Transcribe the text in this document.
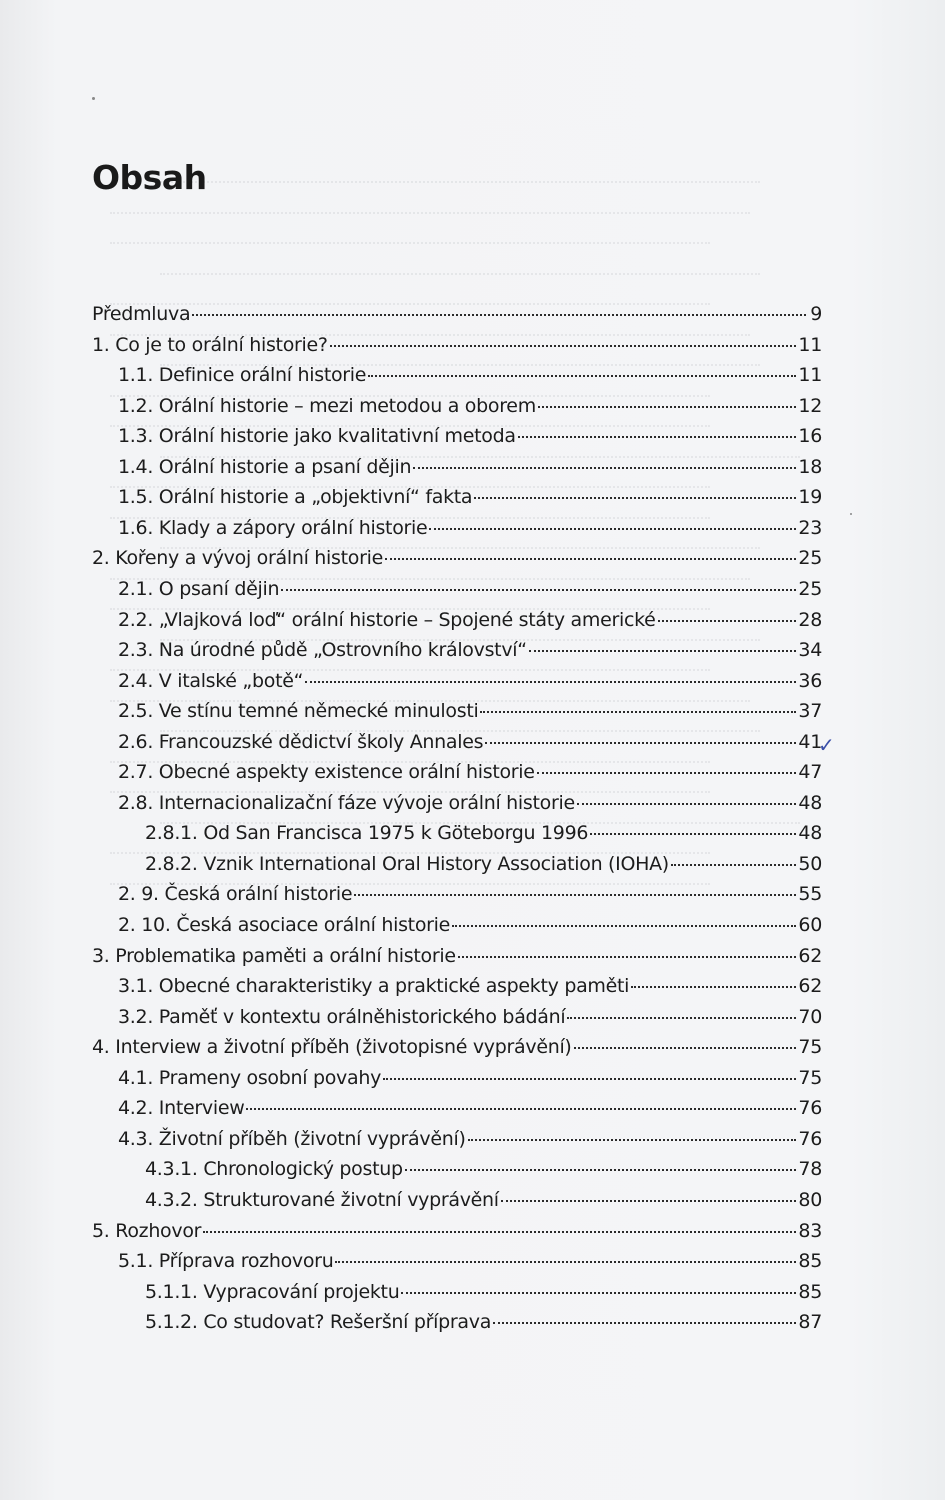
Obsah
Předmluva	9
1. Co je to orální historie?	11
1.1. Definice orální historie	11
1.2. Orální historie – mezi metodou a oborem	12
1.3. Orální historie jako kvalitativní metoda	16
1.4. Orální historie a psaní dějin	18
1.5. Orální historie a „objektivní“ fakta	19
1.6. Klady a zápory orální historie	23
2. Kořeny a vývoj orální historie	25
2.1. O psaní dějin	25
2.2. „Vlajková loď“ orální historie – Spojené státy americké	28
2.3. Na úrodné půdě „Ostrovního království“	34
2.4. V italské „botě“	36
2.5. Ve stínu temné německé minulosti	37
2.6. Francouzské dědictví školy Annales	41
2.7. Obecné aspekty existence orální historie	47
2.8. Internacionalizační fáze vývoje orální historie	48
2.8.1. Od San Francisca 1975 k Göteborgu 1996	48
2.8.2. Vznik International Oral History Association (IOHA)	50
2. 9. Česká orální historie	55
2. 10. Česká asociace orální historie	60
3. Problematika paměti a orální historie	62
3.1. Obecné charakteristiky a praktické aspekty paměti	62
3.2. Paměť v kontextu orálněhistorického bádání	70
4. Interview a životní příběh (životopisné vyprávění)	75
4.1. Prameny osobní povahy	75
4.2. Interview	76
4.3. Životní příběh (životní vyprávění)	76
4.3.1. Chronologický postup	78
4.3.2. Strukturované životní vyprávění	80
5. Rozhovor	83
5.1. Příprava rozhovoru	85
5.1.1. Vypracování projektu	85
5.1.2. Co studovat? Rešeršní příprava	87
✓
